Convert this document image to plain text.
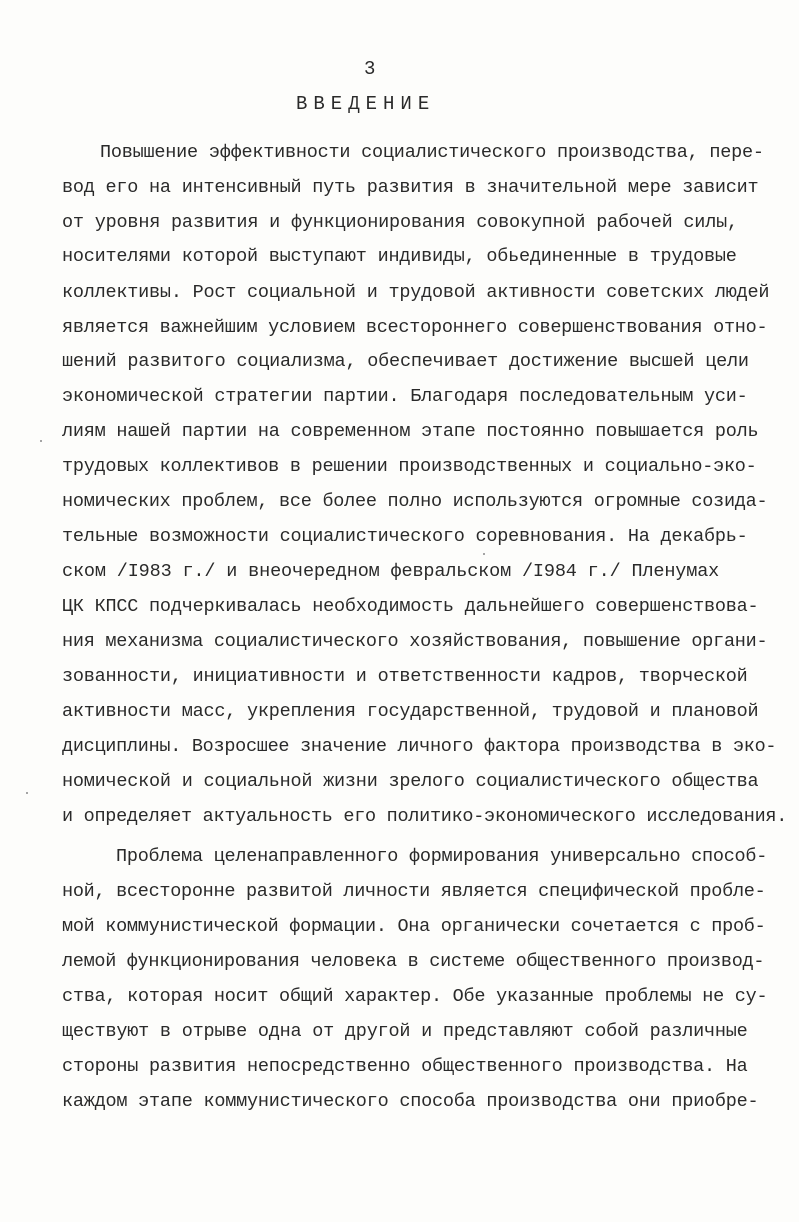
3
ВВЕДЕНИЕ
Повышение эффективности социалистического производства, пере-
вод его на интенсивный путь развития в значительной мере зависит
от уровня развития и функционирования совокупной рабочей силы,
носителями которой выступают индивиды, обьединенные в трудовые
коллективы. Рост социальной и трудовой активности советских людей
является важнейшим условием всестороннего совершенствования отно-
шений развитого социализма, обеспечивает достижение высшей цели
экономической стратегии партии. Благодаря последовательным уси-
лиям нашей партии на современном этапе постоянно повышается роль
трудовых коллективов в решении производственных и социально-эко-
номических проблем, все более полно используются огромные созида-
тельные возможности социалистического соревнования. На декабрь-
ском /I983 г./ и внеочередном февральском /I984 г./ Пленумах
ЦК КПСС подчеркивалась необходимость дальнейшего совершенствова-
ния механизма социалистического хозяйствования, повышение органи-
зованности, инициативности и ответственности кадров, творческой
активности масс, укрепления государственной, трудовой и плановой
дисциплины. Возросшее значение личного фактора производства в эко-
номической и социальной жизни зрелого социалистического общества
и определяет актуальность его политико-экономического исследования.
Проблема целенаправленного формирования универсально способ-
ной, всесторонне развитой личности является специфической пробле-
мой коммунистической формации. Она органически сочетается с проб-
лемой функционирования человека в системе общественного производ-
ства, которая носит общий характер. Обе указанные проблемы не су-
ществуют в отрыве одна от другой и представляют собой различные
стороны развития непосредственно общественного производства. На
каждом этапе коммунистического способа производства они приобре-
